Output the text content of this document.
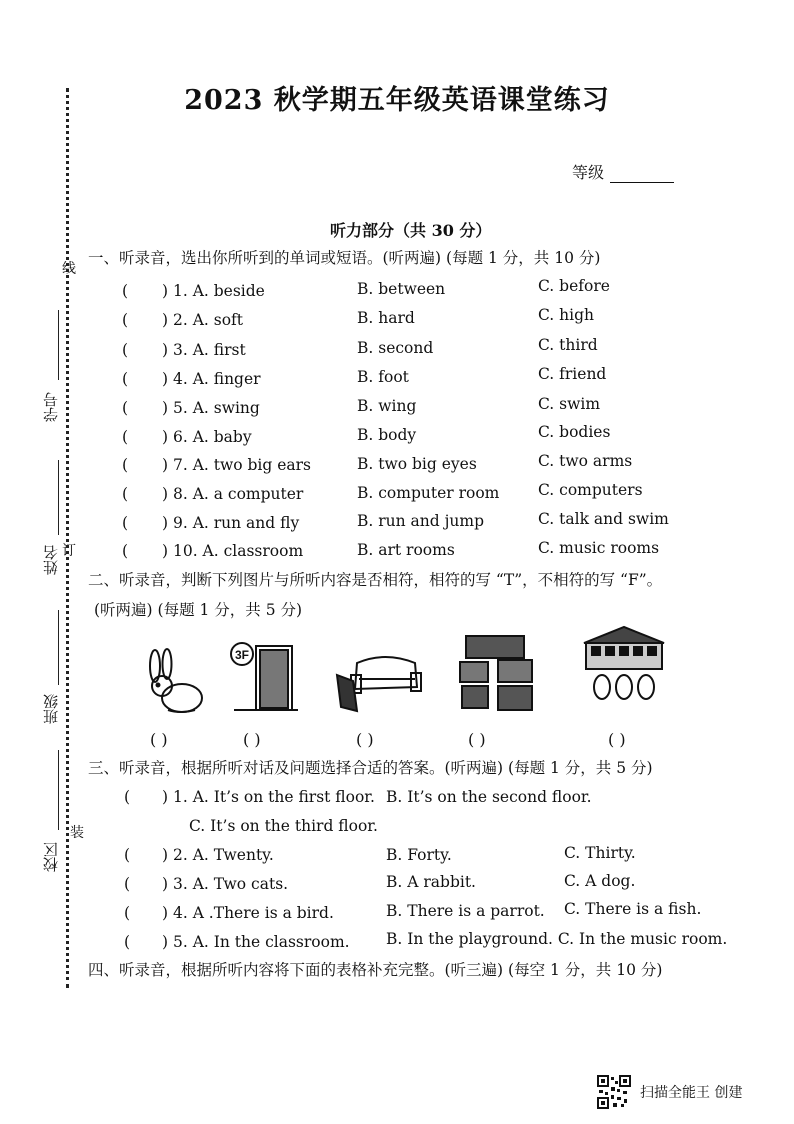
线
订
装
学号
姓名
班级
校区
2023 秋学期五年级英语课堂练习
等级
听力部分（共 30 分）
一、听录音，选出你所听到的单词或短语。(听两遍) (每题 1 分，共 10 分)
( ) 1. A. beside	B. between	C. before
( ) 2. A. soft	B. hard	C. high
( ) 3. A. first	B. second	C. third
( ) 4. A. finger	B. foot	C. friend
( ) 5. A. swing	B. wing	C. swim
( ) 6. A. baby	B. body	C. bodies
( ) 7. A. two big ears	B. two big eyes	C. two arms
( ) 8. A. a computer	B. computer room C. computers
( ) 9. A. run and fly	B. run and jump	C. talk and swim
( ) 10. A. classroom	B. art rooms	C. music rooms
二、听录音，判断下列图片与所听内容是否相符，相符的写 “T”，不相符的写 “F”。
(听两遍) (每题 1 分，共 5 分)
3F
( )	( )	( )	( )	( )
三、听录音，根据所听对话及问题选择合适的答案。(听两遍) (每题 1 分，共 5 分)
( ) 1. A. It’s on the first floor. B. It’s on the second floor.
C. It’s on the third floor.
( ) 2. A. Twenty.	B. Forty.	C. Thirty.
( ) 3. A. Two cats.	B. A rabbit.	C. A dog.
( ) 4. A .There is a bird.	B. There is a parrot. C. There is a fish.
( ) 5. A. In the classroom. B. In the playground. C. In the music room.
四、听录音，根据所听内容将下面的表格补充完整。(听三遍) (每空 1 分，共 10 分)
扫描全能王 创建
